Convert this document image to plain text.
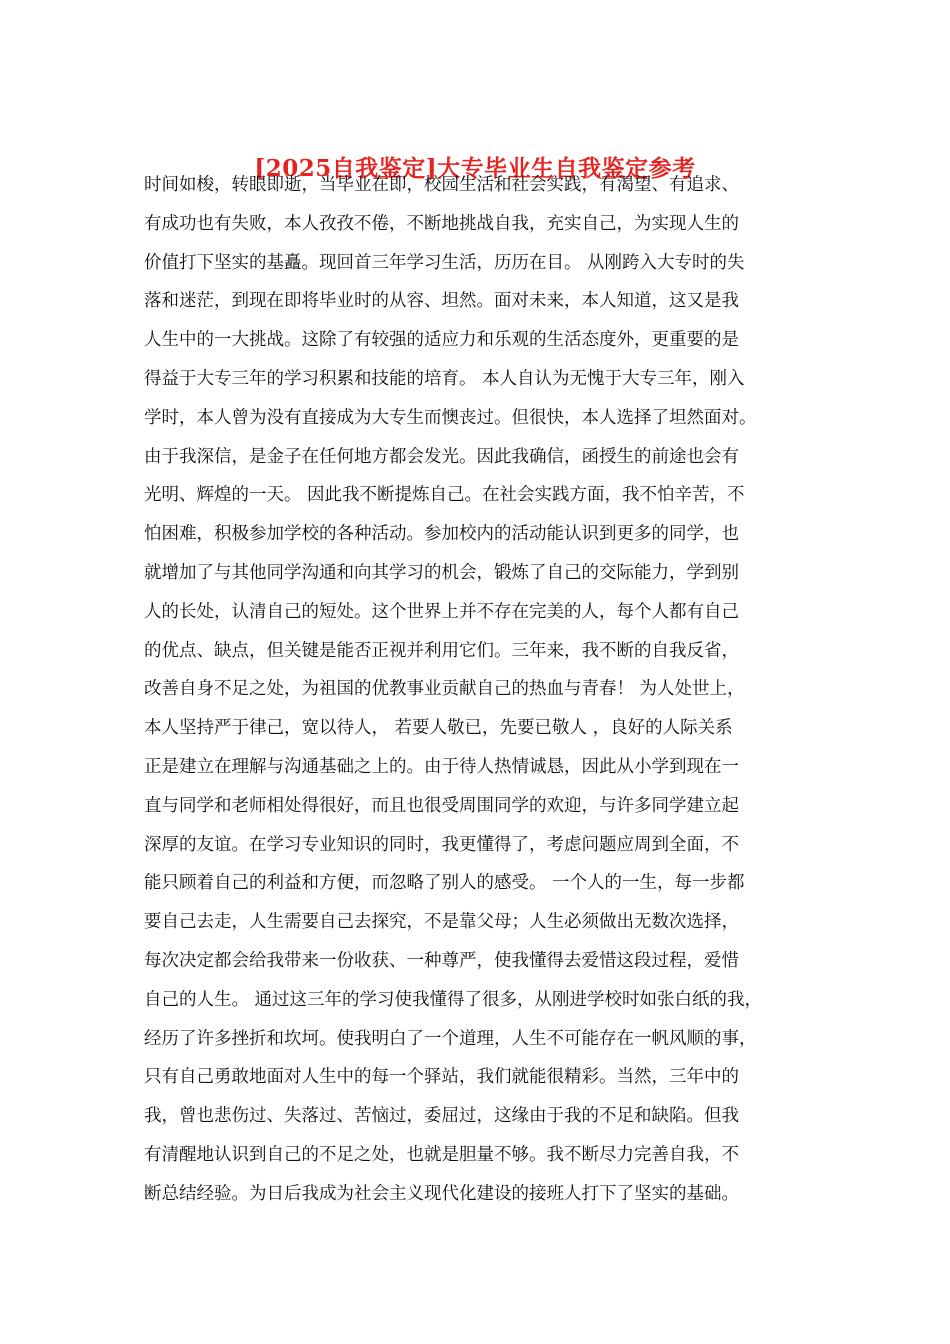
[2025自我鉴定]大专毕业生自我鉴定参考
时间如梭，转眼即逝，当毕业在即，校园生活和社会实践，有渴望、有追求、
有成功也有失败，本人孜孜不倦，不断地挑战自我，充实自己，为实现人生的
价值打下坚实的基矗。现回首三年学习生活，历历在目。 从刚跨入大专时的失
落和迷茫，到现在即将毕业时的从容、坦然。面对未来，本人知道，这又是我
人生中的一大挑战。这除了有较强的适应力和乐观的生活态度外，更重要的是
得益于大专三年的学习积累和技能的培育。 本人自认为无愧于大专三年，刚入
学时，本人曾为没有直接成为大专生而懊丧过。但很快，本人选择了坦然面对。
由于我深信，是金子在任何地方都会发光。因此我确信，函授生的前途也会有
光明、辉煌的一天。 因此我不断提炼自己。在社会实践方面，我不怕辛苦，不
怕困难，积极参加学校的各种活动。参加校内的活动能认识到更多的同学，也
就增加了与其他同学沟通和向其学习的机会，锻炼了自己的交际能力，学到别
人的长处，认清自己的短处。这个世界上并不存在完美的人，每个人都有自己
的优点、缺点，但关键是能否正视并利用它们。三年来，我不断的自我反省，
改善自身不足之处，为祖国的优教事业贡献自己的热血与青春！ 为人处世上，
本人坚持严于律己，宽以待人， 若要人敬已，先要已敬人 ，良好的人际关系
正是建立在理解与沟通基础之上的。由于待人热情诚恳，因此从小学到现在一
直与同学和老师相处得很好，而且也很受周围同学的欢迎，与许多同学建立起
深厚的友谊。在学习专业知识的同时，我更懂得了，考虑问题应周到全面，不
能只顾着自己的利益和方便，而忽略了别人的感受。 一个人的一生，每一步都
要自己去走，人生需要自己去探究，不是靠父母；人生必须做出无数次选择，
每次决定都会给我带来一份收获、一种尊严，使我懂得去爱惜这段过程，爱惜
自己的人生。 通过这三年的学习使我懂得了很多，从刚进学校时如张白纸的我，
经历了许多挫折和坎坷。使我明白了一个道理，人生不可能存在一帆风顺的事，
只有自己勇敢地面对人生中的每一个驿站，我们就能很精彩。当然，三年中的
我，曾也悲伤过、失落过、苦恼过，委屈过，这缘由于我的不足和缺陷。但我
有清醒地认识到自己的不足之处，也就是胆量不够。我不断尽力完善自我，不
断总结经验。为日后我成为社会主义现代化建设的接班人打下了坚实的基础。
